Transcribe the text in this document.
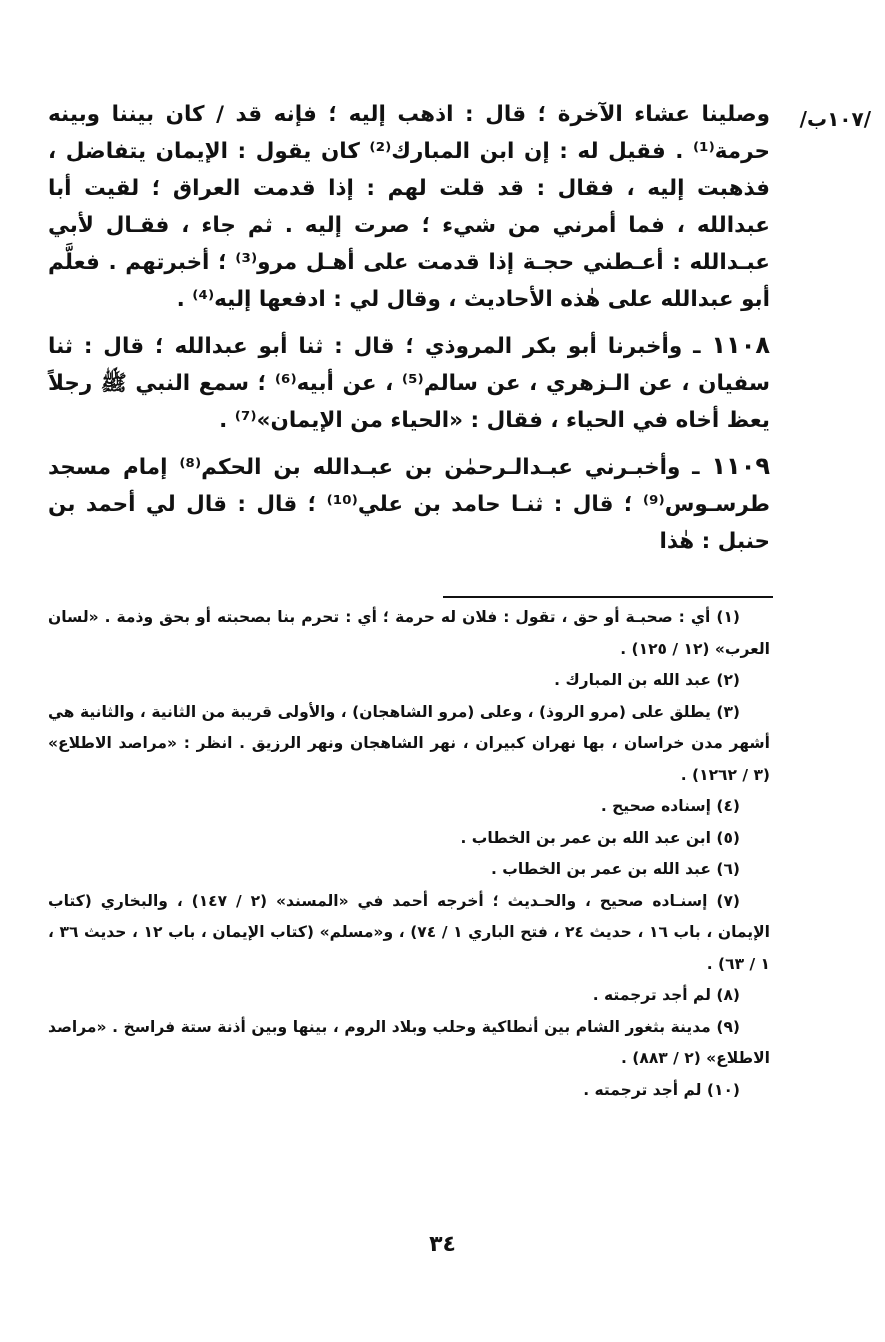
/١٠٧ب/

وصلينا عشاء الآخرة ؛ قال : اذهب إليه ؛ فإنه قد / كان بيننا وبينه حرمة⁽¹⁾ . فقيل له : إن ابن المبارك⁽²⁾ كان يقول : الإيمان يتفاضل ، فذهبت إليه ، فقال : قد قلت لهم : إذا قدمت العراق ؛ لقيت أبا عبدالله ، فما أمرني من شيء ؛ صرت إليه . ثم جاء ، فقـال لأبي عبـدالله : أعـطني حجـة إذا قدمت على أهـل مرو⁽³⁾ ؛ أخبرتهم . فعلَّم أبو عبدالله على هٰذه الأحاديث ، وقال لي : ادفعها إليه⁽⁴⁾ .

١١٠٨ ـ وأخبرنا أبو بكر المروذي ؛ قال : ثنا أبو عبدالله ؛ قال : ثنا سفيان ، عن الـزهري ، عن سالم⁽⁵⁾ ، عن أبيه⁽⁶⁾ ؛ سمع النبي ﷺ رجلاً يعظ أخاه في الحياء ، فقال : «الحياء من الإيمان»⁽⁷⁾ .

١١٠٩ ـ وأخبـرني عبـدالـرحمٰن بن عبـدالله بن الحكم⁽⁸⁾ إمام مسجد طرسـوس⁽⁹⁾ ؛ قال : ثنـا حامد بن علي⁽¹⁰⁾ ؛ قال : قال لي أحمد بن حنبل : هٰذا

(١) أي : صحبـة أو حق ، تقول : فلان له حرمة ؛ أي : تحرم بنا بصحبته أو بحق وذمة . «لسان العرب» (١٢ / ١٢٥) .

(٢) عبد الله بن المبارك .

(٣) يطلق على (مرو الروذ) ، وعلى (مرو الشاهجان) ، والأولى قريبة من الثانية ، والثانية هي أشهر مدن خراسان ، بها نهران كبيران ، نهر الشاهجان ونهر الرزيق . انظر : «مراصد الاطلاع» (٣ / ١٢٦٢) .

(٤) إسناده صحيح .

(٥) ابن عبد الله بن عمر بن الخطاب .

(٦) عبد الله بن عمر بن الخطاب .

(٧) إسنـاده صحيح ، والحـديث ؛ أخرجه أحمد في «المسند» (٢ / ١٤٧) ، والبخاري (كتاب الإيمان ، باب ١٦ ، حديث ٢٤ ، فتح الباري ١ / ٧٤) ، و«مسلم» (كتاب الإيمان ، باب ١٢ ، حديث ٣٦ ، ١ / ٦٣) .

(٨) لم أجد ترجمته .

(٩) مدينة بثغور الشام بين أنطاكية وحلب وبلاد الروم ، بينها وبين أذنة ستة فراسخ . «مراصد الاطلاع» (٢ / ٨٨٣) .

(١٠) لم أجد ترجمته .

٣٤
